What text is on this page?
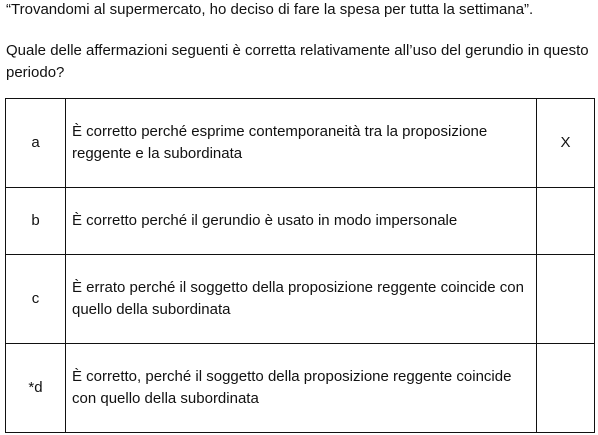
“Trovandomi al supermercato, ho deciso di fare la spesa per tutta la settimana”.
Quale delle affermazioni seguenti è corretta relativamente all’uso del gerundio in questo periodo?
a	È corretto perché esprime contemporaneità tra la proposizione reggente e la subordinata	X
b	È corretto perché il gerundio è usato in modo impersonale	
c	È errato perché il soggetto della proposizione reggente coincide con quello della subordinata	
*d	È corretto, perché il soggetto della proposizione reggente coincide con quello della subordinata	
